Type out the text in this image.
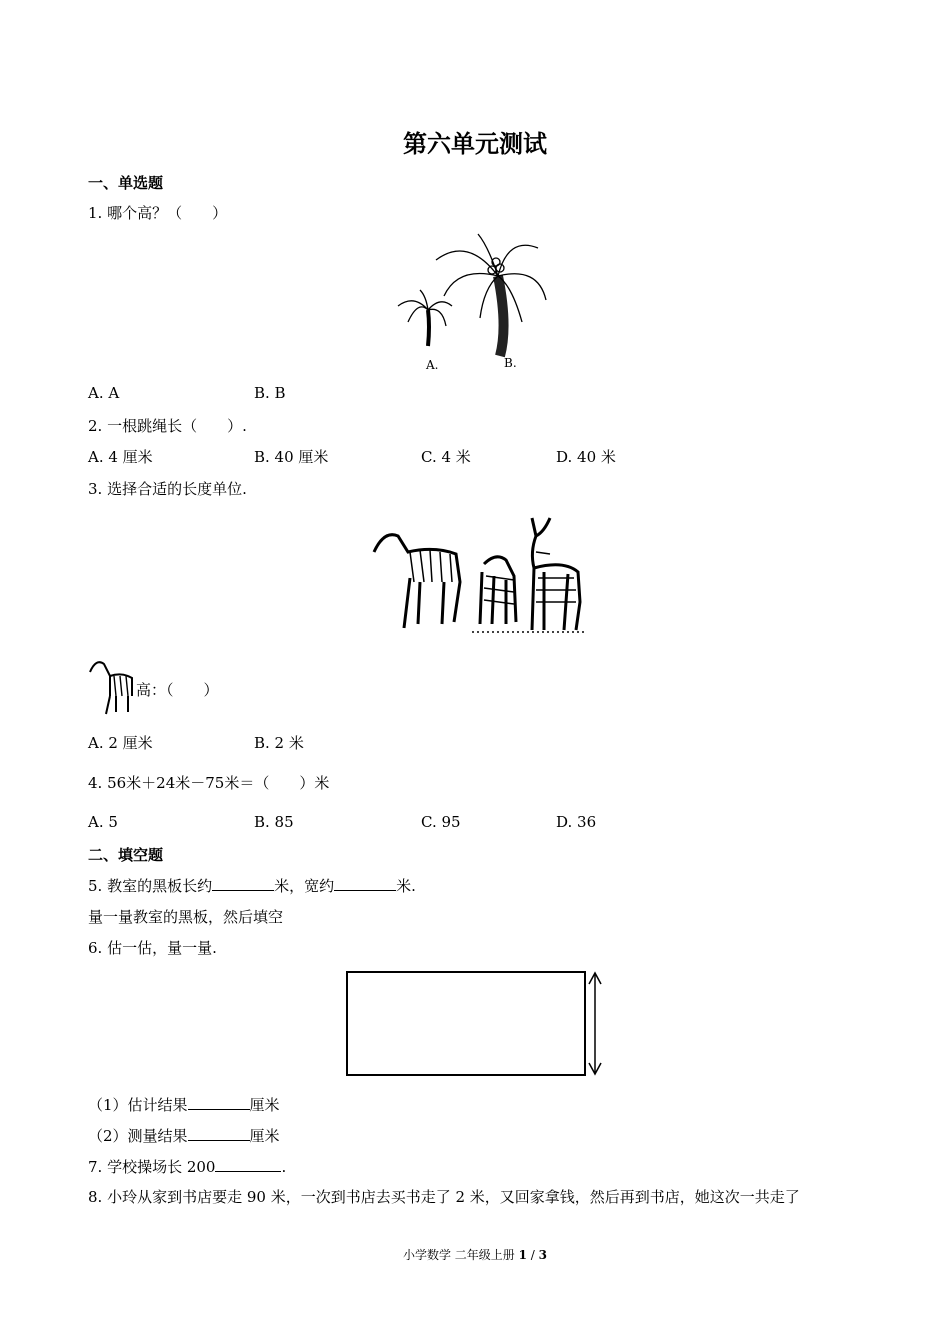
第六单元测试
一、单选题
1. 哪个高？（　　）
A.	B.
A. A	B. B
2. 一根跳绳长（　　）.
A. 4 厘米	B. 40 厘米	C. 4 米	D. 40 米
3. 选择合适的长度单位.
高：（　　）
A. 2 厘米	B. 2 米
4. 56米＋24米－75米＝（　　）米
A. 5	B. 85	C. 95	D. 36
二、填空题
5. 教室的黑板长约	米，宽约	米.
量一量教室的黑板，然后填空
6. 估一估，量一量.
（1）估计结果	厘米
（2）测量结果	厘米
7. 学校操场长 200	.
8. 小玲从家到书店要走 90 米，一次到书店去买书走了 2 米，又回家拿钱，然后再到书店，她这次一共走了
小学数学 二年级上册 1 / 3
